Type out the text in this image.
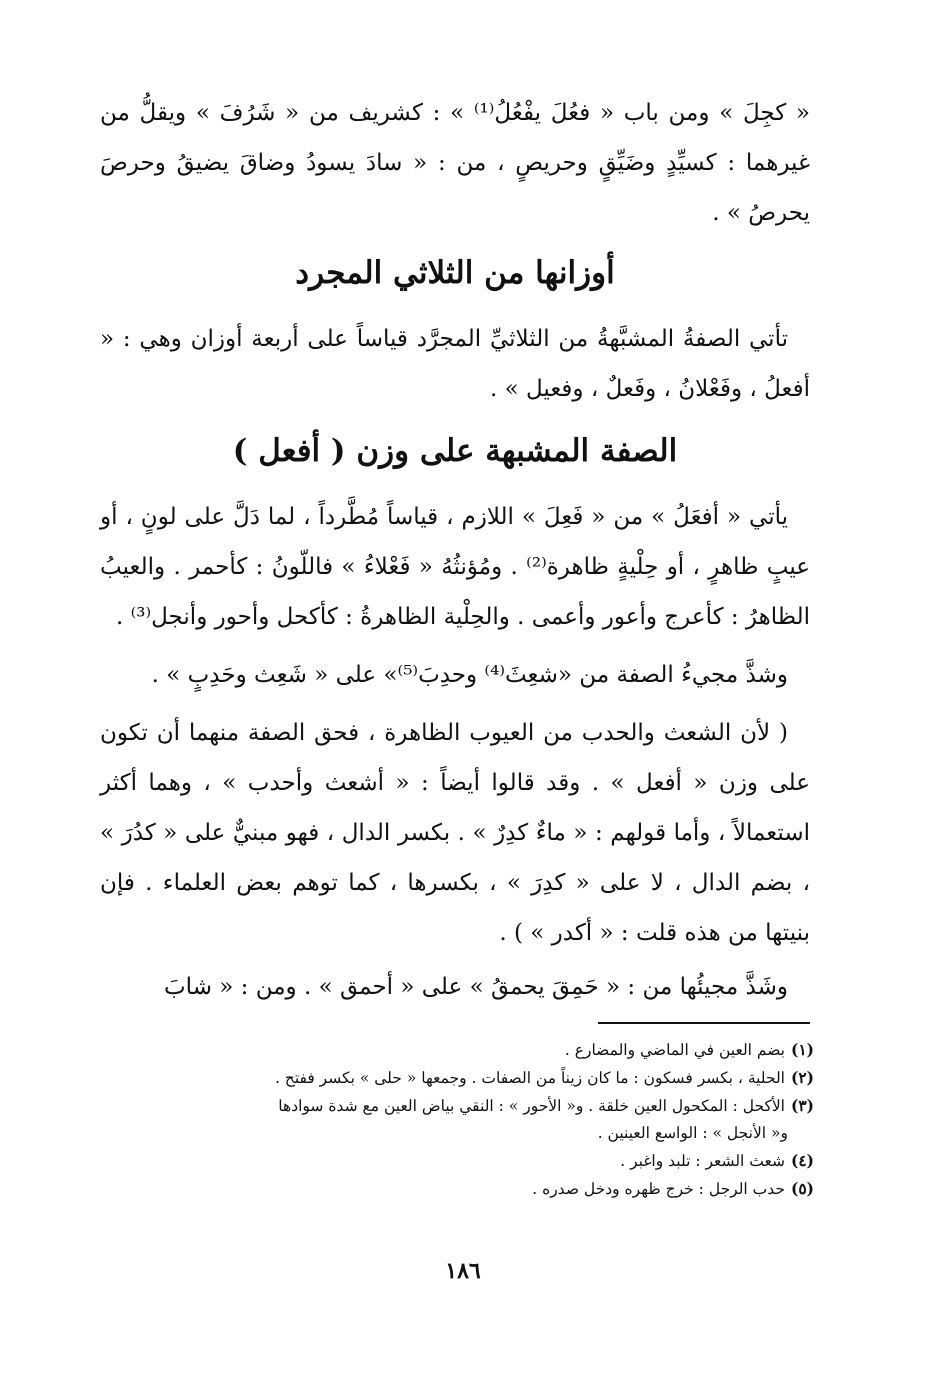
« كجِلَ » ومن باب « فعُلَ يفْعُلُ⁽¹⁾ » : كشريف من « شَرُفَ » ويقلُّ من غيرهما : كسيِّدٍ وضَيِّقٍ وحريصٍ ، من : « سادَ يسودُ وضاقَ يضيقُ وحرصَ يحرصُ » .

أوزانها من الثلاثي المجرد

تأتي الصفةُ المشبَّهةُ من الثلاثيِّ المجرَّد قياساً على أربعة أوزان وهي : « أفعلُ ، وفَعْلانُ ، وفَعلٌ ، وفعيل » .

الصفة المشبهة على وزن ( أفعل )

يأتي « أفعَلُ » من « فَعِلَ » اللازم ، قياساً مُطَّرداً ، لما دَلَّ على لونٍ ، أو عيبٍ ظاهرٍ ، أو حِلْيةٍ ظاهرة⁽²⁾ . ومُؤنثُهُ « فَعْلاءُ » فاللّونُ : كأحمر . والعيبُ الظاهرُ : كأعرج وأعور وأعمى . والحِلْية الظاهرةُ : كأكحل وأحور وأنجل⁽³⁾ .

وشذَّ مجيءُ الصفة من «شعِثَ⁽⁴⁾ وحدِبَ⁽⁵⁾» على « شَعِث وحَدِبٍ » .

( لأن الشعث والحدب من العيوب الظاهرة ، فحق الصفة منهما أن تكون على وزن « أفعل » . وقد قالوا أيضاً : « أشعث وأحدب » ، وهما أكثر استعمالاً ، وأما قولهم : « ماءٌ كدِرٌ » . بكسر الدال ، فهو مبنيٌّ على « كدُرَ » ، بضم الدال ، لا على « كدِرَ » ، بكسرها ، كما توهم بعض العلماء . فإن بنيتها من هذه قلت : « أكدر » ) .

وشَذَّ مجيئُها من : « حَمِقَ يحمقُ » على « أحمق » . ومن : « شابَ

(١)بضم العين في الماضي والمضارع .

(٢)الحلية ، بكسر فسكون : ما كان زيناً من الصفات . وجمعها « حلى » بكسر ففتح .

(٣)الأكحل : المكحول العين خلقة . و« الأحور » : النقي بياض العين مع شدة سوادها

و« الأنجل » : الواسع العينين .

(٤)شعث الشعر : تلبد واغبر .

(٥)حدب الرجل : خرج ظهره ودخل صدره .

١٨٦
